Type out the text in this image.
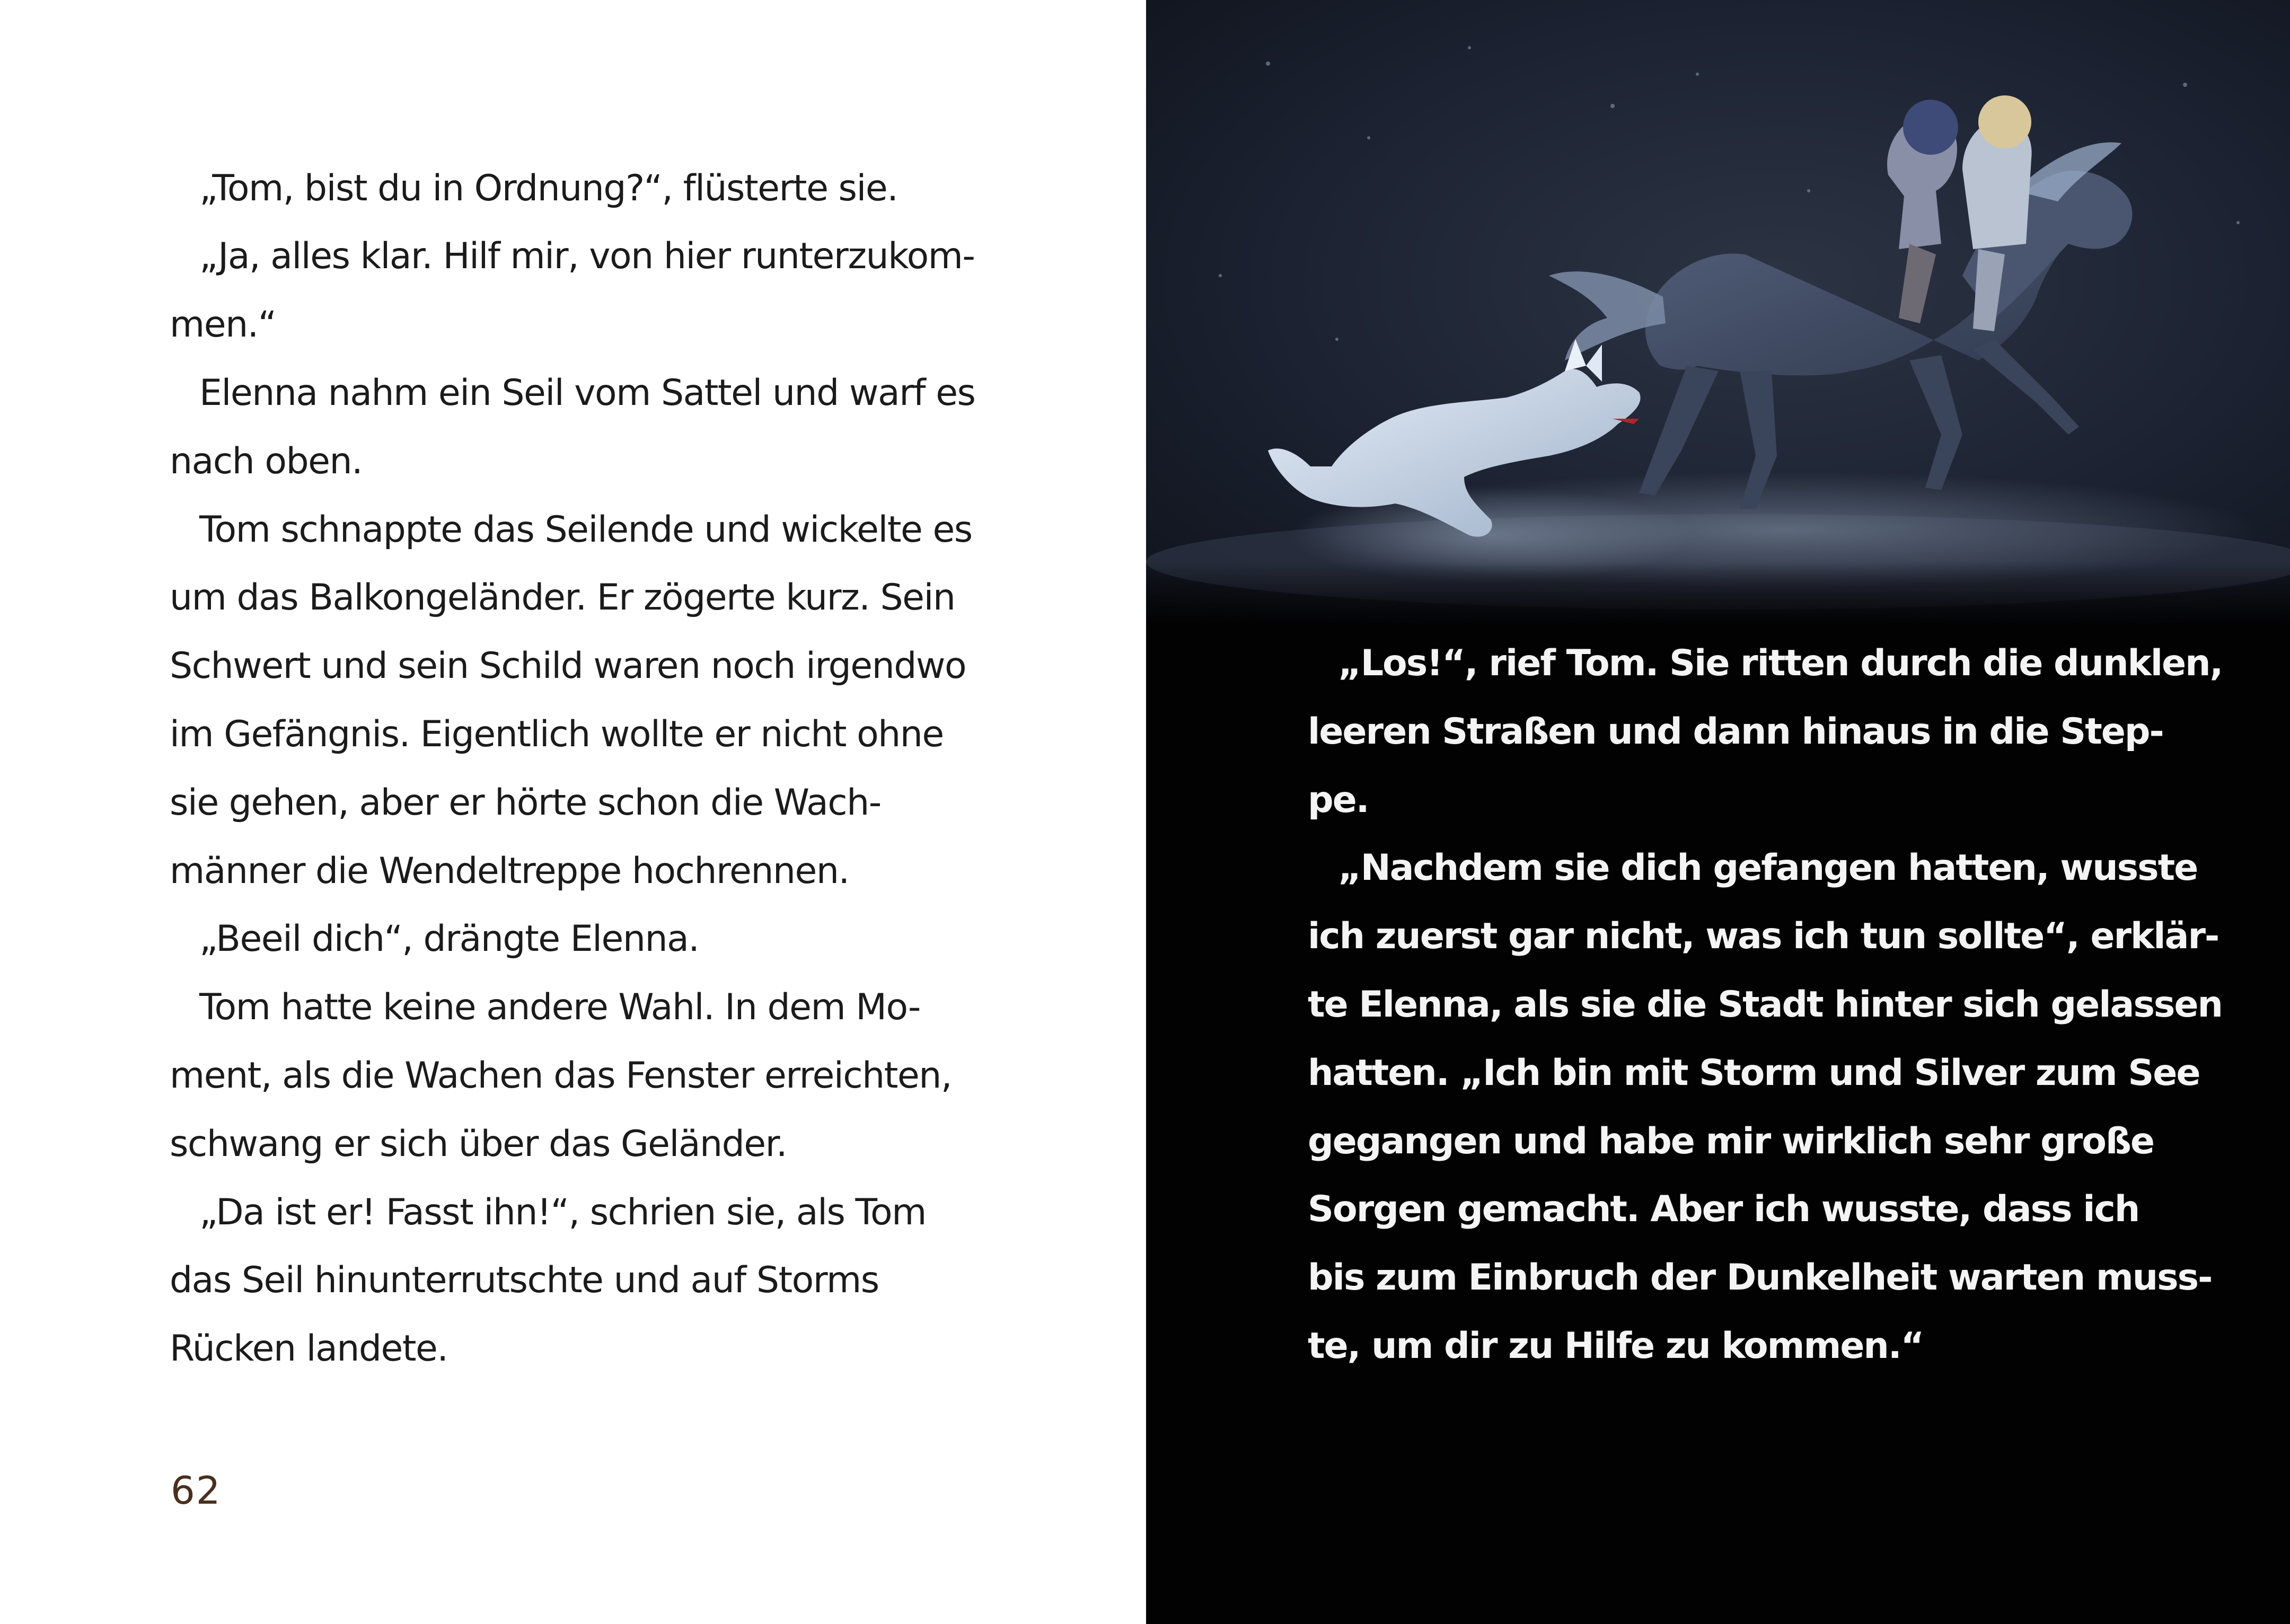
„Tom, bist du in Ordnung?“, flüsterte sie.
„Ja, alles klar. Hilf mir, von hier runterzukom-
men.“
Elenna nahm ein Seil vom Sattel und warf es
nach oben.
Tom schnappte das Seilende und wickelte es
um das Balkongeländer. Er zögerte kurz. Sein
Schwert und sein Schild waren noch irgendwo
im Gefängnis. Eigentlich wollte er nicht ohne
sie gehen, aber er hörte schon die Wach-
männer die Wendeltreppe hochrennen.
„Beeil dich“, drängte Elenna.
Tom hatte keine andere Wahl. In dem Mo-
ment, als die Wachen das Fenster erreichten,
schwang er sich über das Geländer.
„Da ist er! Fasst ihn!“, schrien sie, als Tom
das Seil hinunterrutschte und auf Storms
Rücken landete.
62
„Los!“, rief Tom. Sie ritten durch die dunklen,
leeren Straßen und dann hinaus in die Step-
pe.
„Nachdem sie dich gefangen hatten, wusste
ich zuerst gar nicht, was ich tun sollte“, erklär-
te Elenna, als sie die Stadt hinter sich gelassen
hatten. „Ich bin mit Storm und Silver zum See
gegangen und habe mir wirklich sehr große
Sorgen gemacht. Aber ich wusste, dass ich
bis zum Einbruch der Dunkelheit warten muss-
te, um dir zu Hilfe zu kommen.“
